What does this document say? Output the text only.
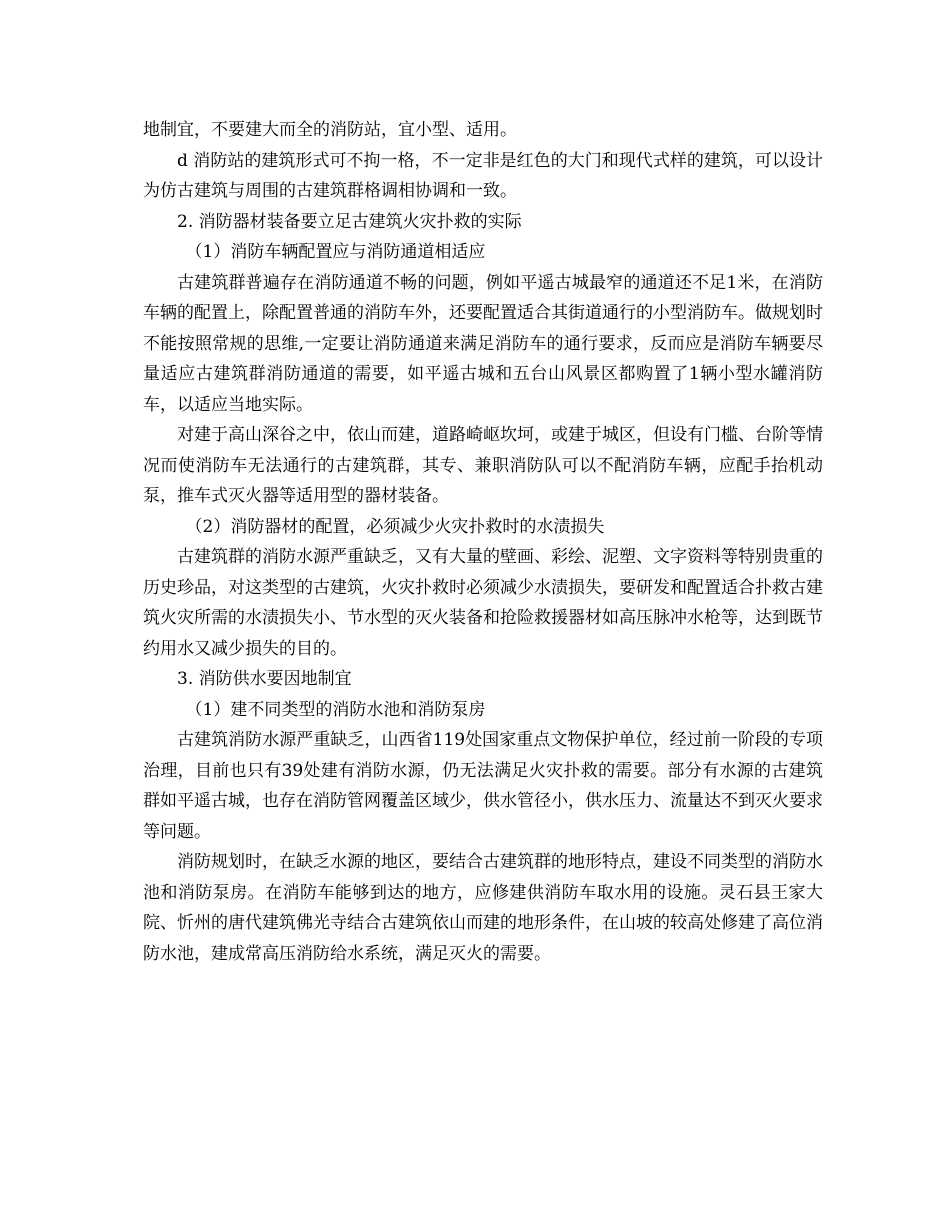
地制宜，不要建大而全的消防站，宜小型、适用。

d 消防站的建筑形式可不拘一格，不一定非是红色的大门和现代式样的建筑，可以设计为仿古建筑与周围的古建筑群格调相协调和一致。

2. 消防器材装备要立足古建筑火灾扑救的实际

（1）消防车辆配置应与消防通道相适应

古建筑群普遍存在消防通道不畅的问题，例如平遥古城最窄的通道还不足1米，在消防车辆的配置上，除配置普通的消防车外，还要配置适合其街道通行的小型消防车。做规划时不能按照常规的思维,一定要让消防通道来满足消防车的通行要求，反而应是消防车辆要尽量适应古建筑群消防通道的需要，如平遥古城和五台山风景区都购置了1辆小型水罐消防车，以适应当地实际。

对建于高山深谷之中，依山而建，道路崎岖坎坷，或建于城区，但设有门槛、台阶等情况而使消防车无法通行的古建筑群，其专、兼职消防队可以不配消防车辆，应配手抬机动泵，推车式灭火器等适用型的器材装备。

（2）消防器材的配置，必须减少火灾扑救时的水渍损失

古建筑群的消防水源严重缺乏，又有大量的壁画、彩绘、泥塑、文字资料等特别贵重的历史珍品，对这类型的古建筑，火灾扑救时必须减少水渍损失，要研发和配置适合扑救古建筑火灾所需的水渍损失小、节水型的灭火装备和抢险救援器材如高压脉冲水枪等，达到既节约用水又减少损失的目的。

3. 消防供水要因地制宜

（1）建不同类型的消防水池和消防泵房

古建筑消防水源严重缺乏，山西省119处国家重点文物保护单位，经过前一阶段的专项治理，目前也只有39处建有消防水源，仍无法满足火灾扑救的需要。部分有水源的古建筑群如平遥古城，也存在消防管网覆盖区域少，供水管径小，供水压力、流量达不到灭火要求等问题。

消防规划时，在缺乏水源的地区，要结合古建筑群的地形特点，建设不同类型的消防水池和消防泵房。在消防车能够到达的地方，应修建供消防车取水用的设施。灵石县王家大院、忻州的唐代建筑佛光寺结合古建筑依山而建的地形条件，在山坡的较高处修建了高位消防水池，建成常高压消防给水系统，满足灭火的需要。
